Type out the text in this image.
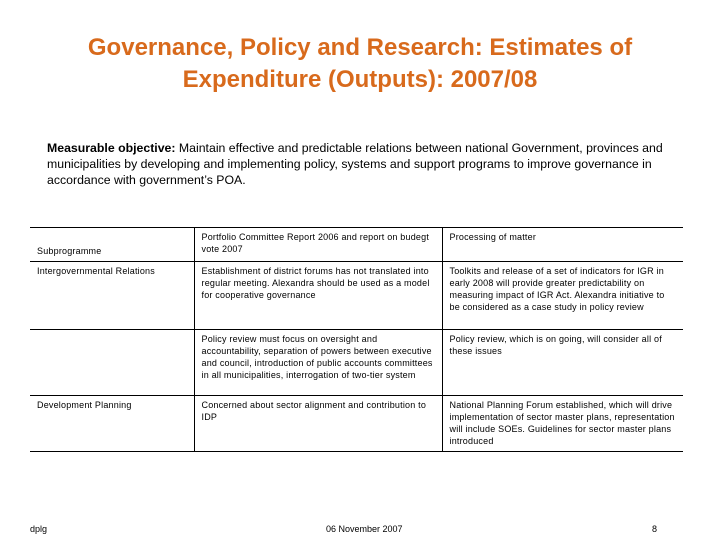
Governance, Policy and Research: Estimates of Expenditure (Outputs): 2007/08
Measurable objective: Maintain effective and predictable relations between national Government, provinces and municipalities by developing and implementing policy, systems and support programs to improve governance in accordance with government’s POA.
Subprogramme	Portfolio Committee Report 2006 and report on budegt vote 2007	Processing of matter
Intergovernmental Relations	Establishment of district forums has not translated into regular meeting. Alexandra should be used as a model for cooperative governance	Toolkits and release of a set of indicators for IGR in early 2008 will provide greater predictability on measuring impact of IGR Act. Alexandra initiative to be considered as a case study in policy review
	Policy review must focus on oversight and accountability, separation of powers between executive and council, introduction of public accounts committees in all municipalities, interrogation of two-tier system	Policy review, which is on going, will consider all of these issues
Development Planning	Concerned about sector alignment and contribution to IDP	National Planning Forum established, which will drive implementation of sector master plans, representation will include SOEs. Guidelines for sector master plans introduced
dplg	06 November 2007	8
